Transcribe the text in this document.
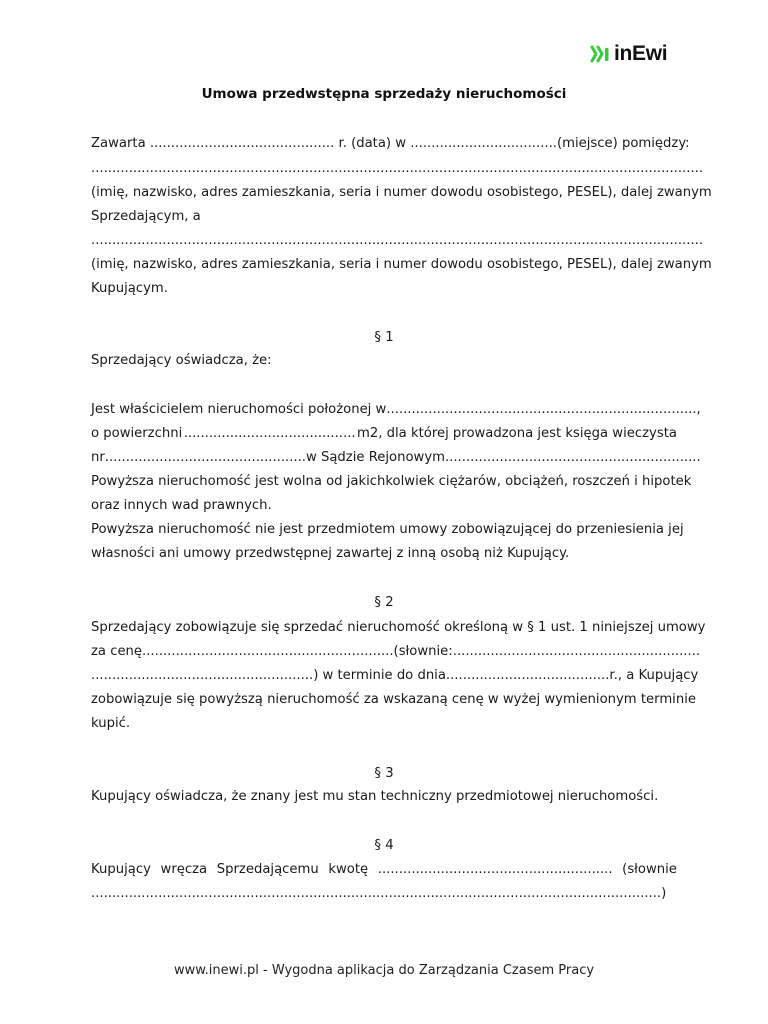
inEwi
Umowa przedwstępna sprzedaży nieruchomości
Zawarta ............................................ r. (data) w ................................... (miejsce) pomiędzy:
..................................................................................................................................................
(imię, nazwisko, adres zamieszkania, seria i numer dowodu osobistego, PESEL), dalej zwanym
Sprzedającym, a
..................................................................................................................................................
(imię, nazwisko, adres zamieszkania, seria i numer dowodu osobistego, PESEL), dalej zwanym
Kupującym.
§ 1
Sprzedający oświadcza, że:
Jest właścicielem nieruchomości położonej w ..........................................................................,
o powierzchni ......................................... m2, dla której prowadzona jest księga wieczysta
nr ................................................ w Sądzie Rejonowym .............................................................
Powyższa nieruchomość jest wolna od jakichkolwiek ciężarów, obciążeń, roszczeń i hipotek
oraz innych wad prawnych.
Powyższa nieruchomość nie jest przedmiotem umowy zobowiązującej do przeniesienia jej
własności ani umowy przedwstępnej zawartej z inną osobą niż Kupujący.
§ 2
Sprzedający zobowiązuje się sprzedać nieruchomość określoną w § 1 ust. 1 niniejszej umowy
za cenę ............................................................ (słownie: ...........................................................
..................................................... ) w terminie do dnia ....................................... r., a Kupujący
zobowiązuje się powyższą nieruchomość za wskazaną cenę w wyżej wymienionym terminie
kupić.
§ 3
Kupujący oświadcza, że znany jest mu stan techniczny przedmiotowej nieruchomości.
§ 4
Kupujący wręcza Sprzedającemu kwotę ........................................................ (słownie
........................................................................................................................................)
www.inewi.pl - Wygodna aplikacja do Zarządzania Czasem Pracy
